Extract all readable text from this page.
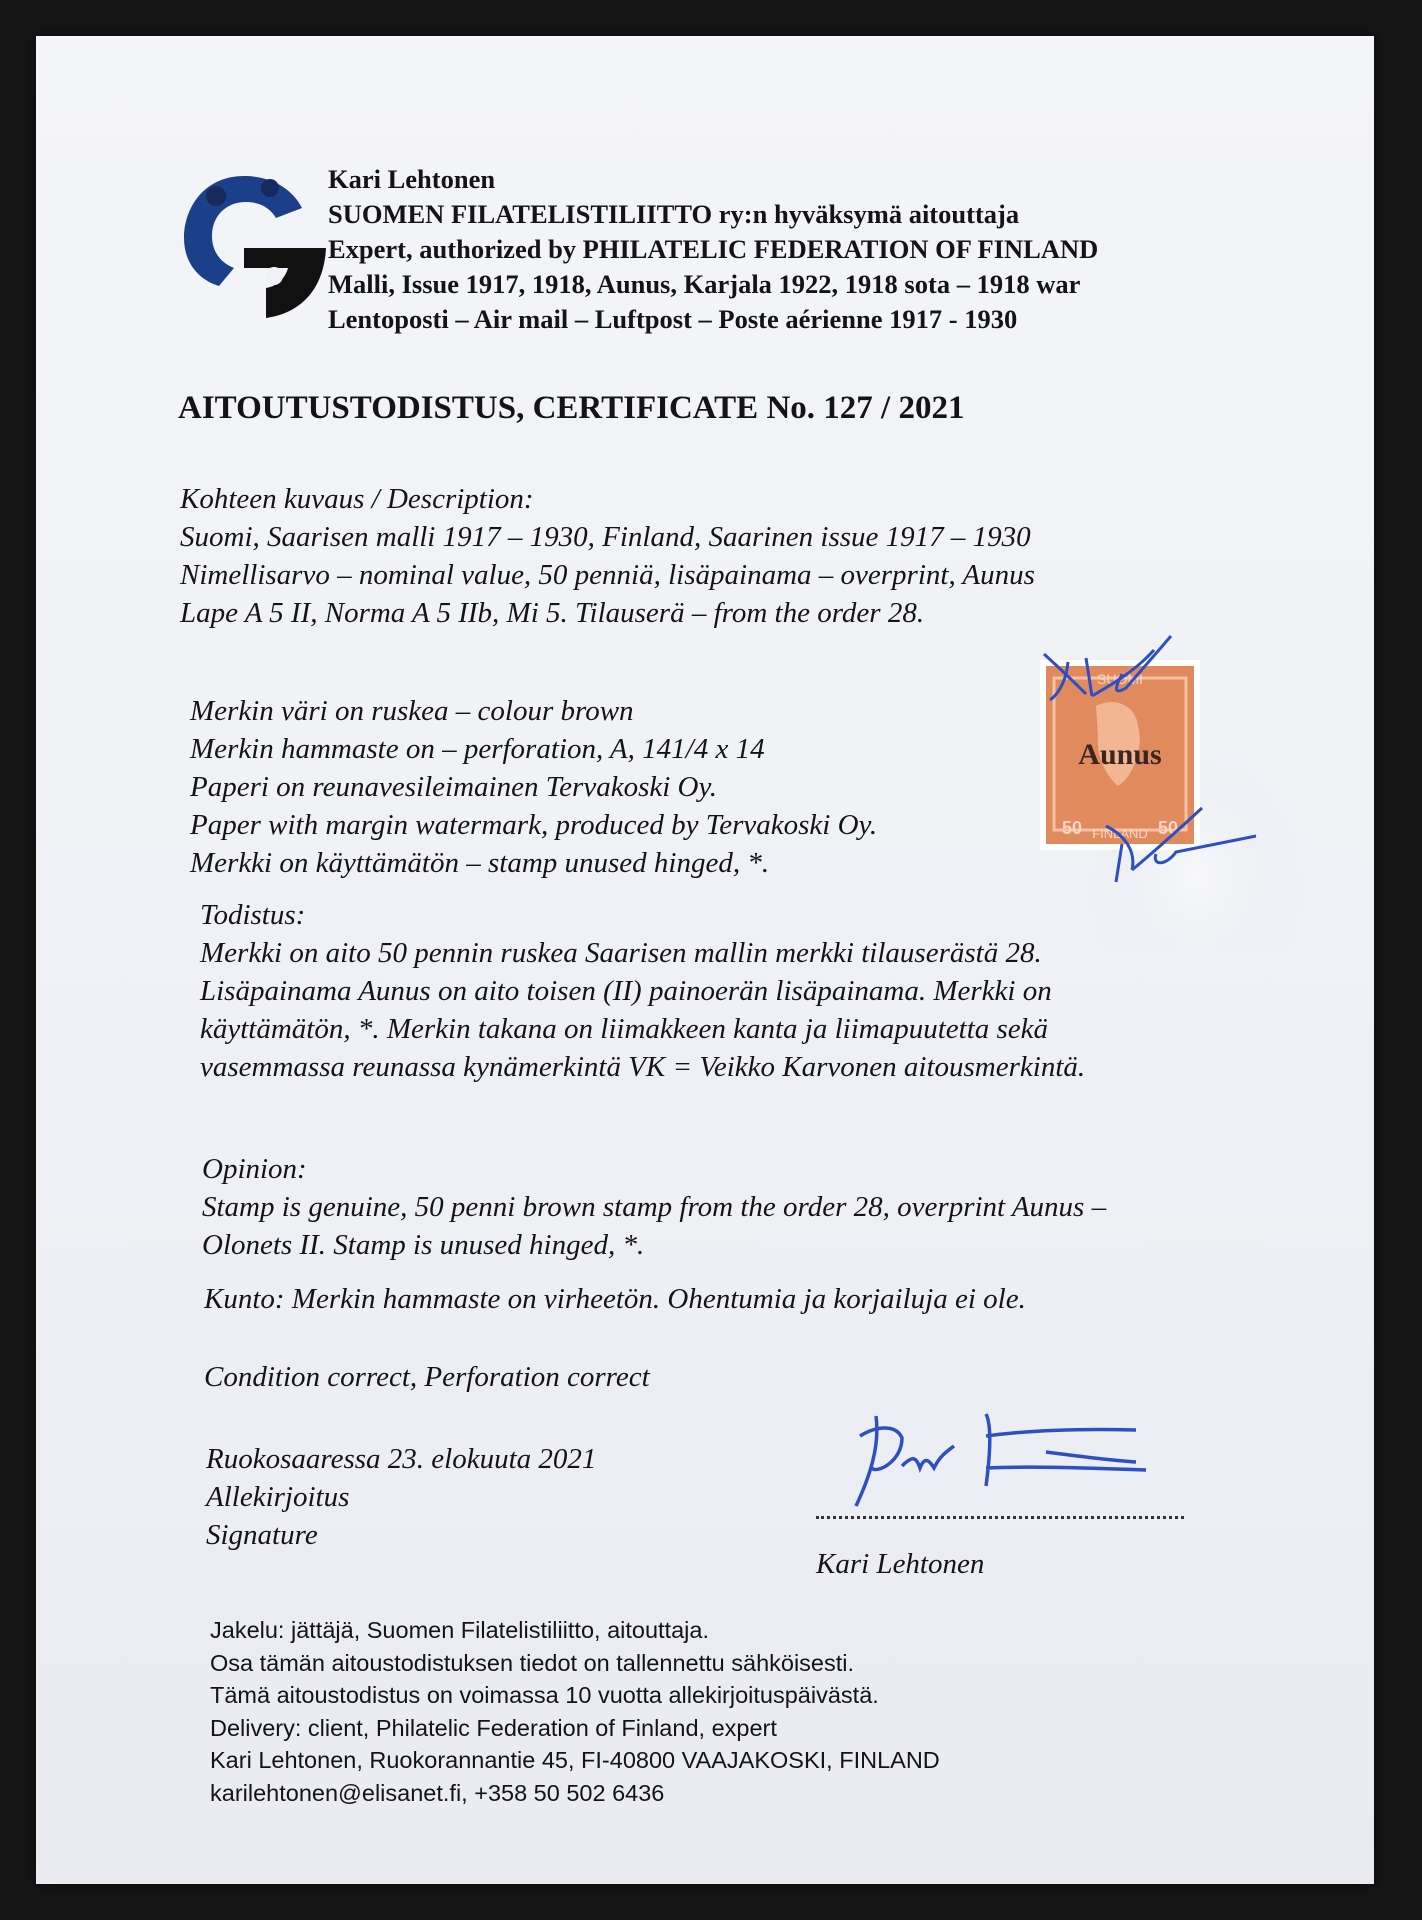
Kari Lehtonen
SUOMEN FILATELISTILIITTO ry:n hyväksymä aitouttaja
Expert, authorized by PHILATELIC FEDERATION OF FINLAND
Malli, Issue 1917, 1918, Aunus, Karjala 1922, 1918 sota – 1918 war
Lentoposti – Air mail – Luftpost – Poste aérienne 1917 - 1930
AITOUTUSTODISTUS, CERTIFICATE No. 127 / 2021
Kohteen kuvaus / Description:
Suomi, Saarisen malli 1917 – 1930, Finland, Saarinen issue 1917 – 1930
Nimellisarvo – nominal value, 50 penniä, lisäpainama – overprint, Aunus
Lape A 5 II, Norma A 5 IIb, Mi 5. Tilauserä – from the order 28.
Merkin väri on ruskea – colour brown
Merkin hammaste on – perforation, A, 141/4 x 14
Paperi on reunavesileimainen Tervakoski Oy.
Paper with margin watermark, produced by Tervakoski Oy.
Merkki on käyttämätön – stamp unused hinged, *.
SUOMI
FINLAND
50	50
Aunus
Todistus:
Merkki on aito 50 pennin ruskea Saarisen mallin merkki tilauserästä 28.
Lisäpainama Aunus on aito toisen (II) painoerän lisäpainama. Merkki on
käyttämätön, *. Merkin takana on liimakkeen kanta ja liimapuutetta sekä
vasemmassa reunassa kynämerkintä VK = Veikko Karvonen aitousmerkintä.
Opinion:
Stamp is genuine, 50 penni brown stamp from the order 28, overprint Aunus –
Olonets II. Stamp is unused hinged, *.
Kunto: Merkin hammaste on virheetön. Ohentumia ja korjailuja ei ole.
Condition correct, Perforation correct
Ruokosaaressa 23. elokuuta 2021
Allekirjoitus
Signature
Kari Lehtonen
Jakelu: jättäjä, Suomen Filatelistiliitto, aitouttaja.
Osa tämän aitoustodistuksen tiedot on tallennettu sähköisesti.
Tämä aitoustodistus on voimassa 10 vuotta allekirjoituspäivästä.
Delivery: client, Philatelic Federation of Finland, expert
Kari Lehtonen, Ruokorannantie 45, FI-40800 VAAJAKOSKI, FINLAND
karilehtonen@elisanet.fi, +358 50 502 6436
